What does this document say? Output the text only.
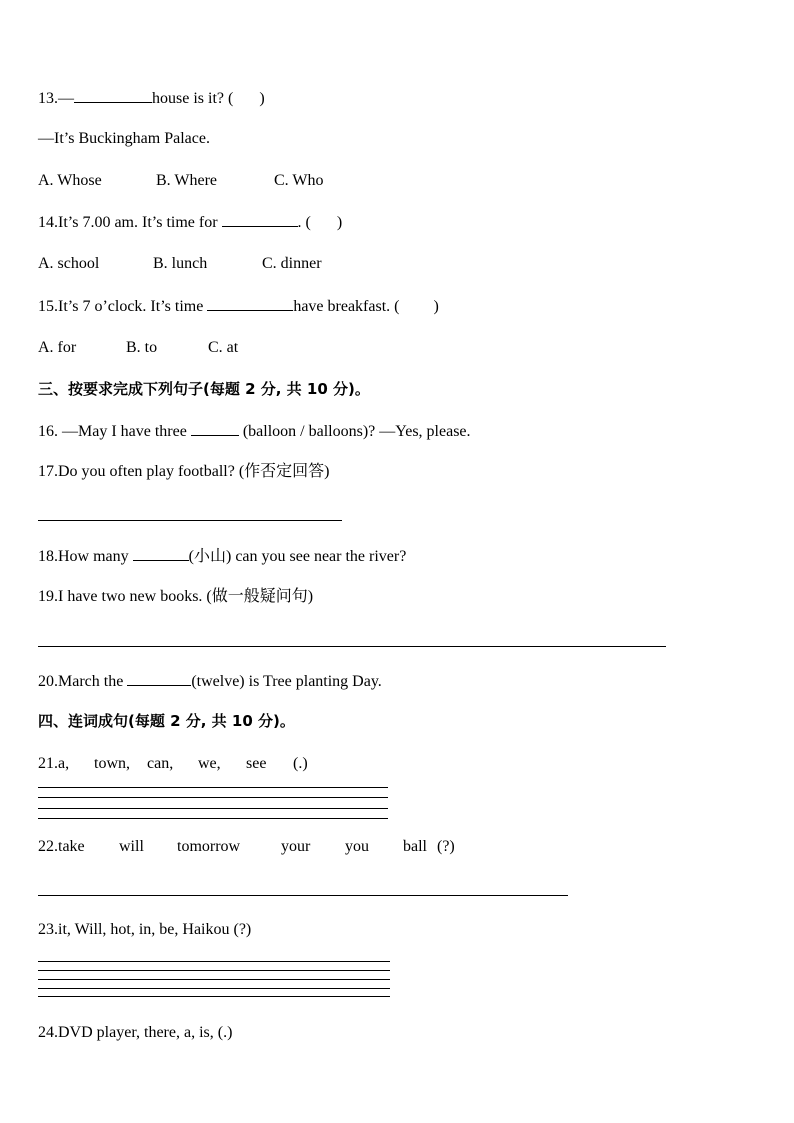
13.—	house is it? ( )
—It’s Buckingham Palace.
A. Whose	B. Where	C. Who
14.It’s 7.00 am. It’s time for	. ( )
A. school	B. lunch	C. dinner
15.It’s 7 o’clock. It’s time	have breakfast. ( )
A. for	B. to	C. at
三、按要求完成下列句子(每题 2 分, 共 10 分)。
16. —May I have three	(balloon / balloons)? —Yes, please.
17.Do you often play football? (作否定回答)
18.How many	(小山) can you see near the river?
19.I have two new books. (做一般疑问句)
20.March the	(twelve) is Tree planting Day.
四、连词成句(每题 2 分, 共 10 分)。
21.a, town, can, we, see (.)
22.take will tomorrow	your you ball (?)
23.it, Will, hot, in, be, Haikou (?)
24.DVD player, there, a, is, (.)
